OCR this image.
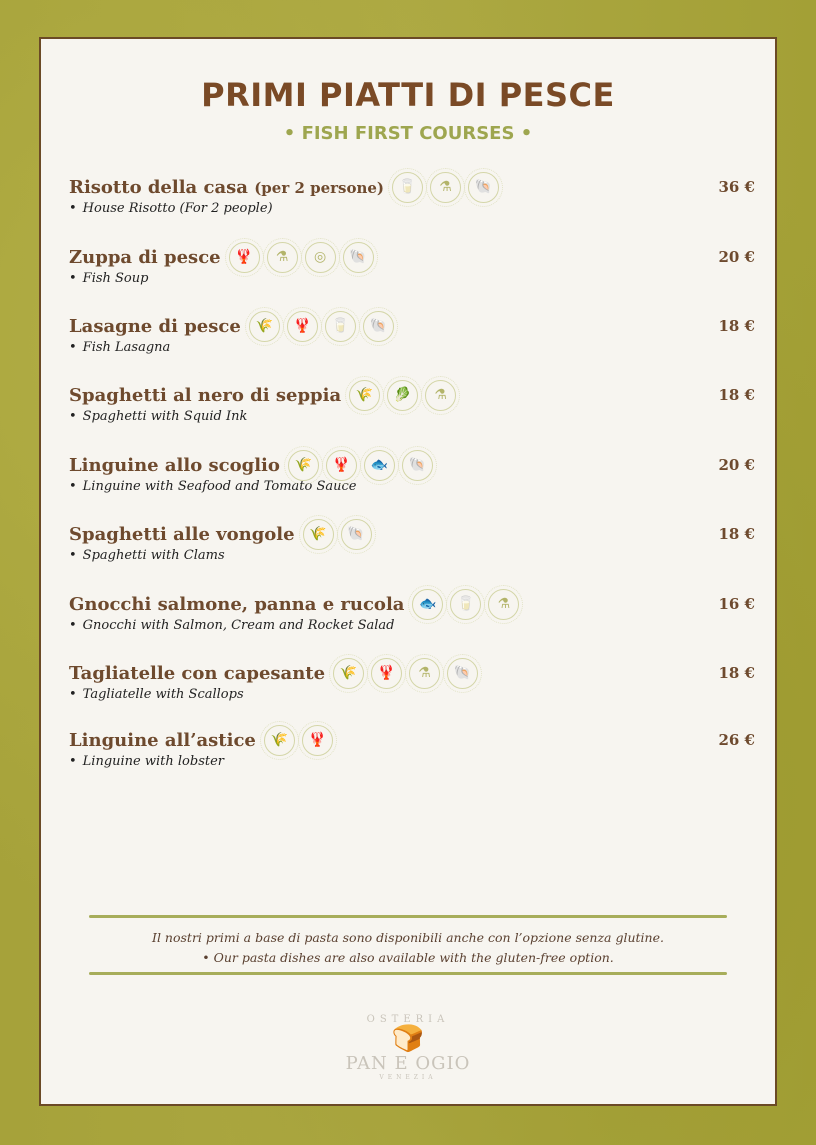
PRIMI PIATTI DI PESCE
• FISH FIRST COURSES •
Risotto della casa (per 2 persone)	🥛	⚗	🐚
• House Risotto (For 2 people)
36 €
Zuppa di pesce	🦞	⚗	◎	🐚
• Fish Soup
20 €
Lasagne di pesce	🌾	🦞	🥛	🐚
• Fish Lasagna
18 €
Spaghetti al nero di seppia	🌾	🥬	⚗
• Spaghetti with Squid Ink
18 €
Linguine allo scoglio	🌾	🦞	🐟	🐚
• Linguine with Seafood and Tomato Sauce
20 €
Spaghetti alle vongole	🌾	🐚
• Spaghetti with Clams
18 €
Gnocchi salmone, panna e rucola	🐟	🥛	⚗
• Gnocchi with Salmon, Cream and Rocket Salad
16 €
Tagliatelle con capesante	🌾	🦞	⚗	🐚
• Tagliatelle with Scallops
18 €
Linguine all’astice	🌾	🦞
• Linguine with lobster
26 €
Il nostri primi a base di pasta sono disponibili anche con l’opzione senza glutine.
• Our pasta dishes are also available with the gluten-free option.
OSTERIA
🍞
PAN E OGIO
VENEZIA
